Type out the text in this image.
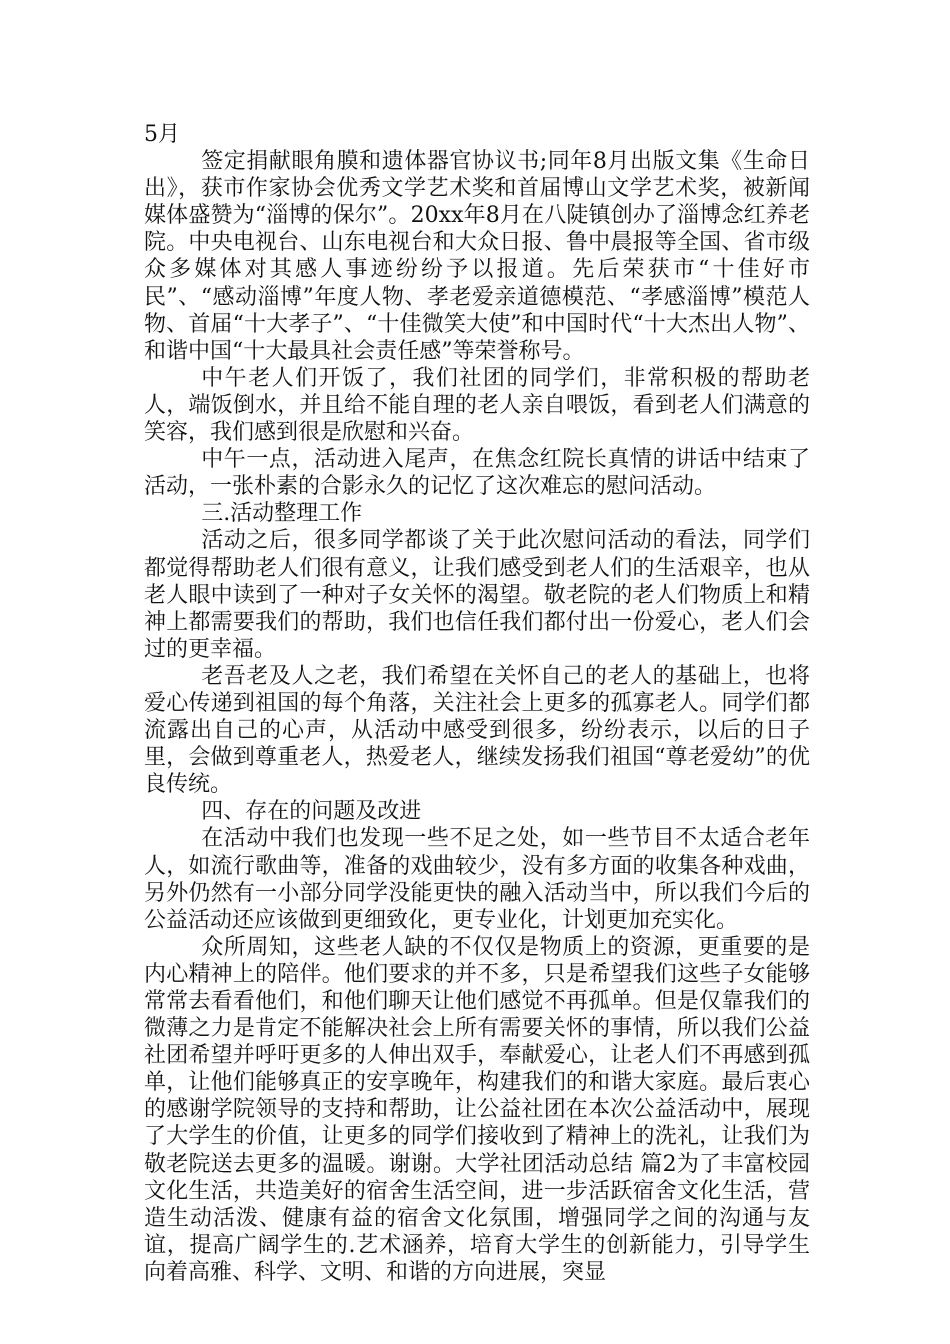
5月

签定捐献眼角膜和遗体器官协议书;同年8月出版文集《生命日出》，获市作家协会优秀文学艺术奖和首届博山文学艺术奖，被新闻媒体盛赞为“淄博的保尔”。20xx年8月在八陡镇创办了淄博念红养老院。中央电视台、山东电视台和大众日报、鲁中晨报等全国、省市级众多媒体对其感人事迹纷纷予以报道。先后荣获市“十佳好市民”、“感动淄博”年度人物、孝老爱亲道德模范、“孝感淄博”模范人物、首届“十大孝子”、“十佳微笑大使”和中国时代“十大杰出人物”、和谐中国“十大最具社会责任感”等荣誉称号。

中午老人们开饭了，我们社团的同学们，非常积极的帮助老人，端饭倒水，并且给不能自理的老人亲自喂饭，看到老人们满意的笑容，我们感到很是欣慰和兴奋。

中午一点，活动进入尾声，在焦念红院长真情的讲话中结束了活动，一张朴素的合影永久的记忆了这次难忘的慰问活动。

三.活动整理工作

活动之后，很多同学都谈了关于此次慰问活动的看法，同学们都觉得帮助老人们很有意义，让我们感受到老人们的生活艰辛，也从老人眼中读到了一种对子女关怀的渴望。敬老院的老人们物质上和精神上都需要我们的帮助，我们也信任我们都付出一份爱心，老人们会过的更幸福。

老吾老及人之老，我们希望在关怀自己的老人的基础上，也将爱心传递到祖国的每个角落，关注社会上更多的孤寡老人。同学们都流露出自己的心声，从活动中感受到很多，纷纷表示，以后的日子里，会做到尊重老人，热爱老人，继续发扬我们祖国“尊老爱幼”的优良传统。

四、存在的问题及改进

在活动中我们也发现一些不足之处，如一些节目不太适合老年人，如流行歌曲等，准备的戏曲较少，没有多方面的收集各种戏曲，另外仍然有一小部分同学没能更快的融入活动当中，所以我们今后的公益活动还应该做到更细致化，更专业化，计划更加充实化。

众所周知，这些老人缺的不仅仅是物质上的资源，更重要的是内心精神上的陪伴。他们要求的并不多，只是希望我们这些子女能够常常去看看他们，和他们聊天让他们感觉不再孤单。但是仅靠我们的微薄之力是肯定不能解决社会上所有需要关怀的事情，所以我们公益社团希望并呼吁更多的人伸出双手，奉献爱心，让老人们不再感到孤单，让他们能够真正的安享晚年，构建我们的和谐大家庭。最后衷心的感谢学院领导的支持和帮助，让公益社团在本次公益活动中，展现了大学生的价值，让更多的同学们接收到了精神上的洗礼，让我们为敬老院送去更多的温暖。谢谢。大学社团活动总结 篇2为了丰富校园文化生活，共造美好的宿舍生活空间，进一步活跃宿舍文化生活，营造生动活泼、健康有益的宿舍文化氛围，增强同学之间的沟通与友谊，提高广阔学生的.艺术涵养，培育大学生的创新能力，引导学生向着高雅、科学、文明、和谐的方向进展，突显
